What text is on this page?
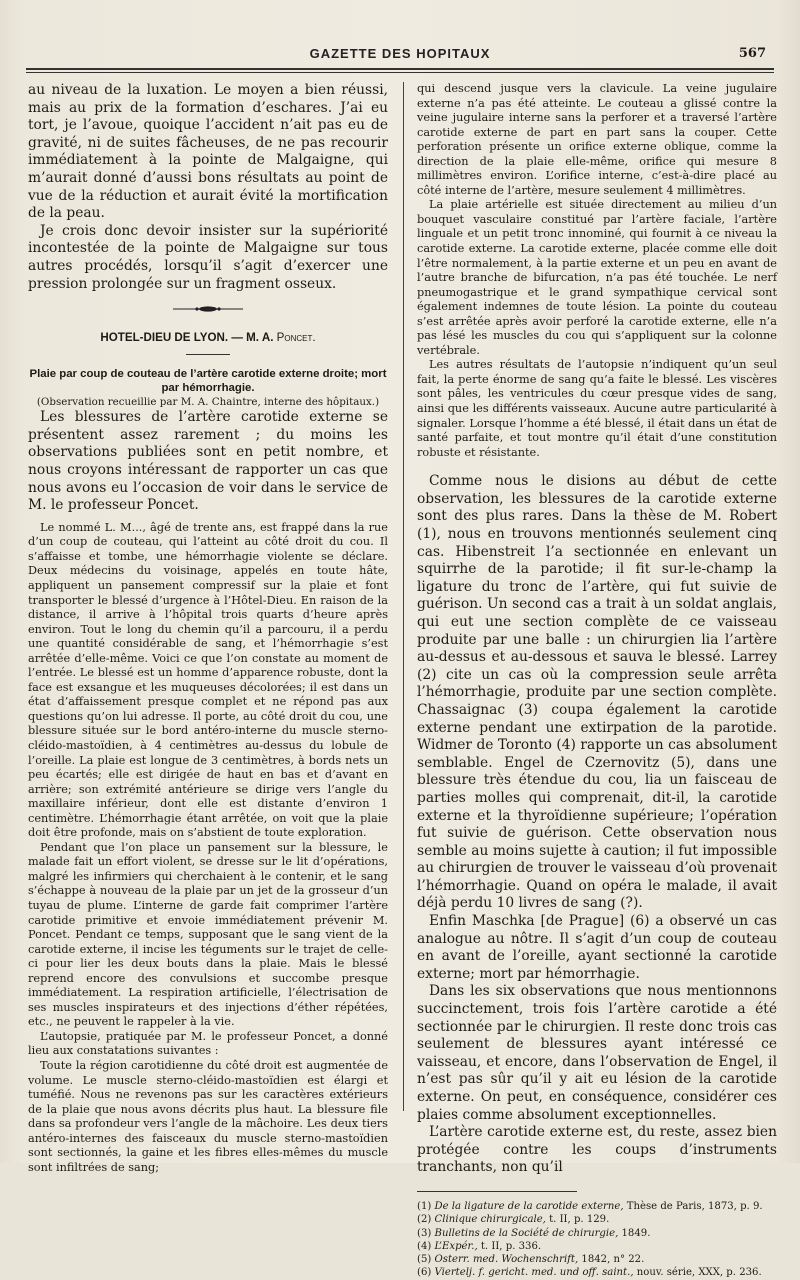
GAZETTE DES HOPITAUX	567

au niveau de la luxation. Le moyen a bien réussi, mais au prix de la formation d’eschares. J’ai eu tort, je l’avoue, quoique l’accident n’ait pas eu de gravité, ni de suites fâcheuses, de ne pas recourir immédiatement à la pointe de Malgaigne, qui m’aurait donné d’aussi bons résultats au point de vue de la réduction et aurait évité la mortification de la peau.

Je crois donc devoir insister sur la supériorité incontestée de la pointe de Malgaigne sur tous autres procédés, lorsqu’il s’agit d’exercer une pression prolongée sur un fragment osseux.

HOTEL-DIEU DE LYON. — M. A. Poncet.

Plaie par coup de couteau de l’artère carotide externe droite; mort par hémorrhagie.

(Observation recueillie par M. A. Chaintre, interne des hôpitaux.)

Les blessures de l’artère carotide externe se présentent assez rarement ; du moins les observations publiées sont en petit nombre, et nous croyons intéressant de rapporter un cas que nous avons eu l’occasion de voir dans le service de M. le professeur Poncet.

Le nommé L. M..., âgé de trente ans, est frappé dans la rue d’un coup de couteau, qui l’atteint au côté droit du cou. Il s’affaisse et tombe, une hémorrhagie violente se déclare. Deux médecins du voisinage, appelés en toute hâte, appliquent un pansement compressif sur la plaie et font transporter le blessé d’urgence à l’Hôtel-Dieu. En raison de la distance, il arrive à l’hôpital trois quarts d’heure après environ. Tout le long du chemin qu’il a parcouru, il a perdu une quantité considérable de sang, et l’hémorrhagie s’est arrêtée d’elle-même. Voici ce que l’on constate au moment de l’entrée. Le blessé est un homme d’apparence robuste, dont la face est exsangue et les muqueuses décolorées; il est dans un état d’affaissement presque complet et ne répond pas aux questions qu’on lui adresse. Il porte, au côté droit du cou, une blessure située sur le bord antéro-interne du muscle sterno-cléido-mastoïdien, à 4 centimètres au-dessus du lobule de l’oreille. La plaie est longue de 3 centimètres, à bords nets un peu écartés; elle est dirigée de haut en bas et d’avant en arrière; son extrémité antérieure se dirige vers l’angle du maxillaire inférieur, dont elle est distante d’environ 1 centimètre. L’hémorrhagie étant arrêtée, on voit que la plaie doit être profonde, mais on s’abstient de toute exploration.

Pendant que l’on place un pansement sur la blessure, le malade fait un effort violent, se dresse sur le lit d’opérations, malgré les infirmiers qui cherchaient à le contenir, et le sang s’échappe à nouveau de la plaie par un jet de la grosseur d’un tuyau de plume. L’interne de garde fait comprimer l’artère carotide primitive et envoie immédiatement prévenir M. Poncet. Pendant ce temps, supposant que le sang vient de la carotide externe, il incise les téguments sur le trajet de celle-ci pour lier les deux bouts dans la plaie. Mais le blessé reprend encore des convulsions et succombe presque immédiatement. La respiration artificielle, l’électrisation de ses muscles inspirateurs et des injections d’éther répétées, etc., ne peuvent le rappeler à la vie.

L’autopsie, pratiquée par M. le professeur Poncet, a donné lieu aux constatations suivantes :

Toute la région carotidienne du côté droit est augmentée de volume. Le muscle sterno-cléido-mastoïdien est élargi et tuméfié. Nous ne revenons pas sur les caractères extérieurs de la plaie que nous avons décrits plus haut. La blessure file dans sa profondeur vers l’angle de la mâchoire. Les deux tiers antéro-internes des faisceaux du muscle sterno-mastoïdien sont sectionnés, la gaine et les fibres elles-mêmes du muscle sont infiltrées de sang;

qui descend jusque vers la clavicule. La veine jugulaire externe n’a pas été atteinte. Le couteau a glissé contre la veine jugulaire interne sans la perforer et a traversé l’artère carotide externe de part en part sans la couper. Cette perforation présente un orifice externe oblique, comme la direction de la plaie elle-même, orifice qui mesure 8 millimètres environ. L’orifice interne, c’est-à-dire placé au côté interne de l’artère, mesure seulement 4 millimètres.

La plaie artérielle est située directement au milieu d’un bouquet vasculaire constitué par l’artère faciale, l’artère linguale et un petit tronc innominé, qui fournit à ce niveau la carotide externe. La carotide externe, placée comme elle doit l’être normalement, à la partie externe et un peu en avant de l’autre branche de bifurcation, n’a pas été touchée. Le nerf pneumogastrique et le grand sympathique cervical sont également indemnes de toute lésion. La pointe du couteau s’est arrêtée après avoir perforé la carotide externe, elle n’a pas lésé les muscles du cou qui s’appliquent sur la colonne vertébrale.

Les autres résultats de l’autopsie n’indiquent qu’un seul fait, la perte énorme de sang qu’a faite le blessé. Les viscères sont pâles, les ventricules du cœur presque vides de sang, ainsi que les différents vaisseaux. Aucune autre particularité à signaler. Lorsque l’homme a été blessé, il était dans un état de santé parfaite, et tout montre qu’il était d’une constitution robuste et résistante.

Comme nous le disions au début de cette observation, les blessures de la carotide externe sont des plus rares. Dans la thèse de M. Robert (1), nous en trouvons mentionnés seulement cinq cas. Hibenstreit l’a sectionnée en enlevant un squirrhe de la parotide; il fit sur-le-champ la ligature du tronc de l’artère, qui fut suivie de guérison. Un second cas a trait à un soldat anglais, qui eut une section complète de ce vaisseau produite par une balle : un chirurgien lia l’artère au-dessus et au-dessous et sauva le blessé. Larrey (2) cite un cas où la compression seule arrêta l’hémorrhagie, produite par une section complète. Chassaignac (3) coupa également la carotide externe pendant une extirpation de la parotide. Widmer de Toronto (4) rapporte un cas absolument semblable. Engel de Czernovitz (5), dans une blessure très étendue du cou, lia un faisceau de parties molles qui comprenait, dit-il, la carotide externe et la thyroïdienne supérieure; l’opération fut suivie de guérison. Cette observation nous semble au moins sujette à caution; il fut impossible au chirurgien de trouver le vaisseau d’où provenait l’hémorrhagie. Quand on opéra le malade, il avait déjà perdu 10 livres de sang (?).

Enfin Maschka [de Prague] (6) a observé un cas analogue au nôtre. Il s’agit d’un coup de couteau en avant de l’oreille, ayant sectionné la carotide externe; mort par hémorrhagie.

Dans les six observations que nous mentionnons succinctement, trois fois l’artère carotide a été sectionnée par le chirurgien. Il reste donc trois cas seulement de blessures ayant intéressé ce vaisseau, et encore, dans l’observation de Engel, il n’est pas sûr qu’il y ait eu lésion de la carotide externe. On peut, en conséquence, considérer ces plaies comme absolument exceptionnelles.

L’artère carotide externe est, du reste, assez bien protégée contre les coups d’instruments tranchants, non qu’il

(1) De la ligature de la carotide externe, Thèse de Paris, 1873, p. 9.

(2) Clinique chirurgicale, t. II, p. 129.

(3) Bulletins de la Société de chirurgie, 1849.

(4) L’Expér., t. II, p. 336.

(5) Osterr. med. Wochenschrift, 1842, n° 22.

(6) Viertelj. f. gericht. med. und off. saint., nouv. série, XXX, p. 236.
